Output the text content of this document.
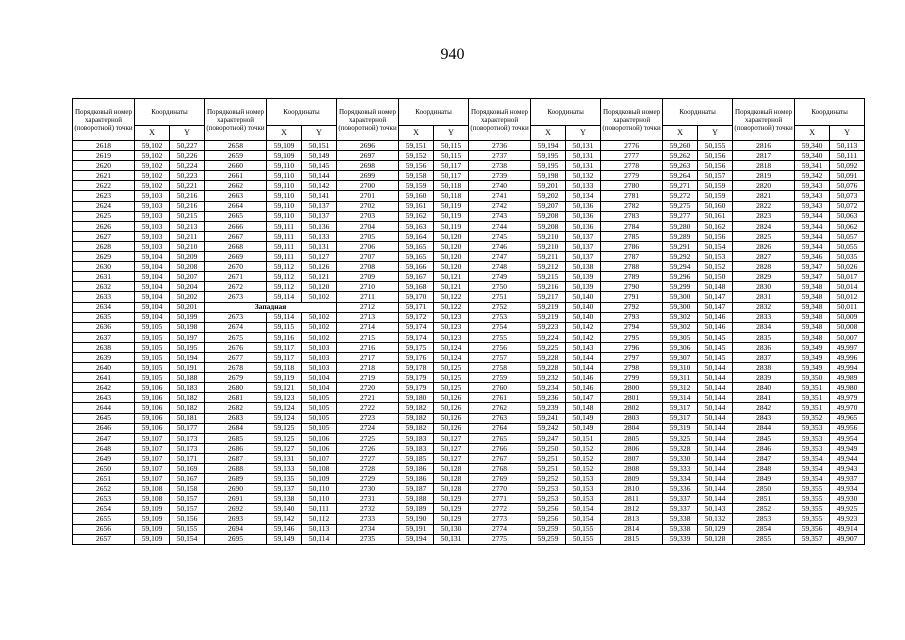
940
Порядковый номер характерной (поворотной) точки	Координаты		Порядковый номер характерной (поворотной) точки	Координаты		Порядковый номер характерной (поворотной) точки	Координаты		Порядковый номер характерной (поворотной) точки	Координаты		Порядковый номер характерной (поворотной) точки	Координаты		Порядковый номер характерной (поворотной) точки	Координаты	
	X	Y		X	Y		X	Y		X	Y		X	Y		X	Y
2618	59,102	50,227	2658	59,109	50,151	2696	59,151	50,115	2736	59,194	50,131	2776	59,260	50,155	2816	59,340	50,113
2619	59,102	50,226	2659	59,109	50,149	2697	59,152	50,115	2737	59,195	50,131	2777	59,262	50,156	2817	59,340	50,111
2620	59,102	50,224	2660	59,110	50,145	2698	59,156	50,117	2738	59,195	50,131	2778	59,263	50,156	2818	59,341	50,092
2621	59,102	50,223	2661	59,110	50,144	2699	59,158	50,117	2739	59,198	50,132	2779	59,264	50,157	2819	59,342	50,091
2622	59,102	50,221	2662	59,110	50,142	2700	59,159	50,118	2740	59,201	50,133	2780	59,271	50,159	2820	59,343	50,076
2623	59,103	50,216	2663	59,110	50,141	2701	59,160	50,118	2741	59,202	50,134	2781	59,272	50,159	2821	59,343	50,073
2624	59,103	50,216	2664	59,110	50,137	2702	59,161	50,119	2742	59,207	50,136	2782	59,275	50,160	2822	59,343	50,072
2625	59,103	50,215	2665	59,110	50,137	2703	59,162	50,119	2743	59,208	50,136	2783	59,277	50,161	2823	59,344	50,063
2626	59,103	50,213	2666	59,111	50,136	2704	59,163	50,119	2744	59,208	50,136	2784	59,280	50,162	2824	59,344	50,062
2627	59,103	50,211	2667	59,111	50,133	2705	59,164	50,120	2745	59,210	50,137	2785	59,289	50,156	2825	59,344	50,057
2628	59,103	50,210	2668	59,111	50,131	2706	59,165	50,120	2746	59,210	50,137	2786	59,291	50,154	2826	59,344	50,055
2629	59,104	50,209	2669	59,111	50,127	2707	59,165	50,120	2747	59,211	50,137	2787	59,292	50,153	2827	59,346	50,035
2630	59,104	50,208	2670	59,112	50,126	2708	59,166	50,120	2748	59,212	50,138	2788	59,294	50,152	2828	59,347	50,026
2631	59,104	50,207	2671	59,112	50,121	2709	59,167	50,121	2749	59,215	50,139	2789	59,296	50,150	2829	59,347	50,017
2632	59,104	50,204	2672	59,112	50,120	2710	59,168	50,121	2750	59,216	50,139	2790	59,299	50,148	2830	59,348	50,014
2633	59,104	50,202	2673	59,114	50,102	2711	59,170	50,122	2751	59,217	50,140	2791	59,300	50,147	2831	59,348	50,012
2634	59,104	50,201	Западная			2712	59,171	50,122	2752	59,219	50,140	2792	59,300	50,147	2832	59,348	50,011
2635	59,104	50,199	2673	59,114	50,102	2713	59,172	50,123	2753	59,219	50,140	2793	59,302	50,146	2833	59,348	50,009
2636	59,105	50,198	2674	59,115	50,102	2714	59,174	50,123	2754	59,223	50,142	2794	59,302	50,146	2834	59,348	50,008
2637	59,105	50,197	2675	59,116	50,102	2715	59,174	50,123	2755	59,224	50,142	2795	59,305	50,145	2835	59,348	50,007
2638	59,105	50,195	2676	59,117	50,103	2716	59,175	50,124	2756	59,225	50,143	2796	59,306	50,145	2836	59,349	49,997
2639	59,105	50,194	2677	59,117	50,103	2717	59,176	50,124	2757	59,228	50,144	2797	59,307	50,145	2837	59,349	49,996
2640	59,105	50,191	2678	59,118	50,103	2718	59,178	50,125	2758	59,228	50,144	2798	59,310	50,144	2838	59,349	49,994
2641	59,105	50,188	2679	59,119	50,104	2719	59,179	50,125	2759	59,232	50,146	2799	59,311	50,144	2839	59,350	49,989
2642	59,106	50,183	2680	59,121	50,104	2720	59,179	50,125	2760	59,234	50,146	2800	59,312	50,144	2840	59,351	49,980
2643	59,106	50,182	2681	59,123	50,105	2721	59,180	50,126	2761	59,236	50,147	2801	59,314	50,144	2841	59,351	49,979
2644	59,106	50,182	2682	59,124	50,105	2722	59,182	50,126	2762	59,239	50,148	2802	59,317	50,144	2842	59,351	49,970
2645	59,106	50,181	2683	59,124	50,105	2723	59,182	50,126	2763	59,241	50,149	2803	59,317	50,144	2843	59,352	49,965
2646	59,106	50,177	2684	59,125	50,105	2724	59,182	50,126	2764	59,242	50,149	2804	59,319	50,144	2844	59,353	49,956
2647	59,107	50,173	2685	59,125	50,106	2725	59,183	50,127	2765	59,247	50,151	2805	59,325	50,144	2845	59,353	49,954
2648	59,107	50,173	2686	59,127	50,106	2726	59,183	50,127	2766	59,250	50,152	2806	59,328	50,144	2846	59,353	49,949
2649	59,107	50,171	2687	59,131	50,107	2727	59,185	50,127	2767	59,251	50,152	2807	59,330	50,144	2847	59,354	49,944
2650	59,107	50,169	2688	59,133	50,108	2728	59,186	50,128	2768	59,251	50,152	2808	59,333	50,144	2848	59,354	49,943
2651	59,107	50,167	2689	59,135	50,109	2729	59,186	50,128	2769	59,252	50,153	2809	59,334	50,144	2849	59,354	49,937
2652	59,108	50,158	2690	59,137	50,110	2730	59,187	50,128	2770	59,253	50,153	2810	59,336	50,144	2850	59,355	49,934
2653	59,108	50,157	2691	59,138	50,110	2731	59,188	50,129	2771	59,253	50,153	2811	59,337	50,144	2851	59,355	49,930
2654	59,109	50,157	2692	59,140	50,111	2732	59,189	50,129	2772	59,256	50,154	2812	59,337	50,143	2852	59,355	49,925
2655	59,109	50,156	2693	59,142	50,112	2733	59,190	50,129	2773	59,256	50,154	2813	59,338	50,132	2853	59,355	49,923
2656	59,109	50,155	2694	59,146	50,113	2734	59,191	50,130	2774	59,259	50,155	2814	59,338	50,129	2854	59,356	49,914
2657	59,109	50,154	2695	59,149	50,114	2735	59,194	50,131	2775	59,259	50,155	2815	59,339	50,128	2855	59,357	49,907
